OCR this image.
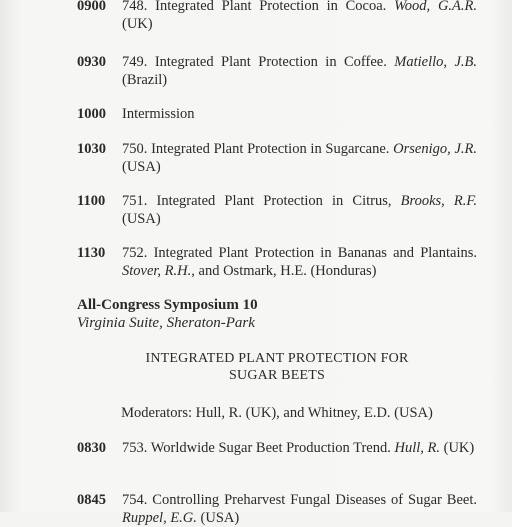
0900	748. Integrated Plant Protection in Cocoa. Wood, G.A.R. (UK)
0930	749. Integrated Plant Protection in Coffee. Matiello, J.B. (Brazil)
1000	Intermission
1030	750. Integrated Plant Protection in Sugarcane. Orsenigo, J.R. (USA)
1100	751. Integrated Plant Protection in Citrus, Brooks, R.F. (USA)
1130	752. Integrated Plant Protection in Bananas and Plantains. Stover, R.H., and Ostmark, H.E. (Honduras)
All-Congress Symposium 10
Virginia Suite, Sheraton-Park
INTEGRATED PLANT PROTECTION FOR
SUGAR BEETS
Moderators: Hull, R. (UK), and Whitney, E.D. (USA)
0830	753. Worldwide Sugar Beet Production Trend. Hull, R. (UK)
0845	754. Controlling Preharvest Fungal Diseases of Sugar Beet. Ruppel, E.G. (USA)
